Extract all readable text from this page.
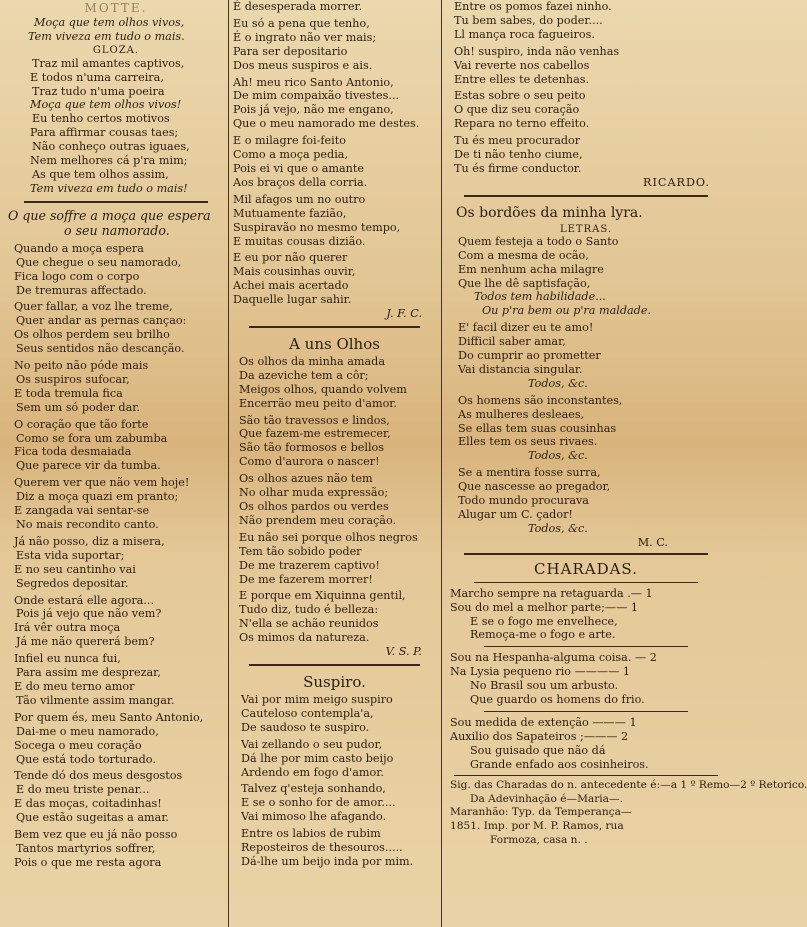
MOTTE.
Moça que tem olhos vivos,
Tem viveza em tudo o mais.
GLOZA.
Traz mil amantes captivos,
E todos n'uma carreira,
Traz tudo n'uma poeira
Moça que tem olhos vivos!
Eu tenho certos motivos
Para affirmar cousas taes;
Não conheço outras iguaes,
Nem melhores cá p'ra mim;
As que tem olhos assim,
Tem viveza em tudo o mais!
O que soffre a moça que espera
o seu namorado.
Quando a moça espera
Que chegue o seu namorado,
Fica logo com o corpo
De tremuras affectado.
Quer fallar, a voz lhe treme,
Quer andar as pernas cançao:
Os olhos perdem seu brilho
Seus sentidos não descanção.
No peito não póde mais
Os suspiros sufocar,
E toda tremula fica
Sem um só poder dar.
O coração que tão forte
Como se fora um zabumba
Fica toda desmaiada
Que parece vir da tumba.
Querem ver que não vem hoje!
Diz a moça quazi em pranto;
E zangada vai sentar-se
No mais recondito canto.
Já não posso, diz a misera,
Esta vida suportar;
E no seu cantinho vai
Segredos depositar.
Onde estará elle agora...
Pois já vejo que não vem?
Irá vêr outra moça
Já me não quererá bem?
Infiel eu nunca fui,
Para assim me desprezar,
E do meu terno amor
Tão vilmente assim mangar.
Por quem és, meu Santo Antonio,
Dai-me o meu namorado,
Socega o meu coração
Que está todo torturado.
Tende dó dos meus desgostos
E do meu triste penar...
E das moças, coitadinhas!
Que estão sugeitas a amar.
Bem vez que eu já não posso
Tantos martyrios soffrer,
Pois o que me resta agora
É desesperada morrer.
Eu só a pena que tenho,
É o ingrato não ver mais;
Para ser depositario
Dos meus suspiros e ais.
Ah! meu rico Santo Antonio,
De mim compaixão tivestes...
Pois já vejo, não me engano,
Que o meu namorado me destes.
E o milagre foi-feito
Como a moça pedia,
Pois ei vi que o amante
Aos braços della corria.
Mil afagos um no outro
Mutuamente fazião,
Suspiravão no mesmo tempo,
E muitas cousas dizião.
E eu por não querer
Mais cousinhas ouvir,
Achei mais acertado
Daquelle lugar sahir.
J. F. C.
A uns Olhos
Os olhos da minha amada
Da azeviche tem a côr;
Meigos olhos, quando volvem
Encerrão meu peito d'amor.
São tão travessos e lindos,
Que fazem-me estremecer,
São tão formosos e bellos
Como d'aurora o nascer!
Os olhos azues não tem
No olhar muda expressão;
Os olhos pardos ou verdes
Não prendem meu coração.
Eu não sei porque olhos negros
Tem tão sobido poder
De me trazerem captivo!
De me fazerem morrer!
E porque em Xiquinna gentil,
Tudo diz, tudo é belleza:
N'ella se achão reunidos
Os mimos da natureza.
V. S. P.
Suspiro.
Vai por mim meigo suspiro
Cauteloso contempla'a,
De saudoso te suspiro.
Vai zellando o seu pudor,
Dá lhe por mim casto beijo
Ardendo em fogo d'amor.
Talvez q'esteja sonhando,
E se o sonho for de amor....
Vai mimoso lhe afagando.
Entre os labios de rubim
Reposteiros de thesouros.....
Dá-lhe um beijo inda por mim.
Entre os pomos fazei ninho.
Tu bem sabes, do poder....
Ll mança roca fagueiros.
Oh! suspiro, inda não venhas
Vai reverte nos cabellos
Entre elles te detenhas.
Estas sobre o seu peito
O que diz seu coração
Repara no terno effeito.
Tu és meu procurador
De ti não tenho ciume,
Tu és firme conductor.
RICARDO.
Os bordões da minha lyra.
LETRAS.
Quem festeja a todo o Santo
Com a mesma de ocão,
Em nenhum acha milagre
Que lhe dê saptisfação,
Todos tem habilidade...
Ou p'ra bem ou p'ra maldade.
E' facil dizer eu te amo!
Difficil saber amar,
Do cumprir ao prometter
Vai distancia singular.
Todos, &c.
Os homens são inconstantes,
As mulheres desleaes,
Se ellas tem suas cousinhas
Elles tem os seus rivaes.
Todos, &c.
Se a mentira fosse surra,
Que nascesse ao pregador,
Todo mundo procurava
Alugar um C. çador!
Todos, &c.
M. C.
CHARADAS.
Marcho sempre na retaguarda .— 1
Sou do mel a melhor parte;—— 1
E se o fogo me envelhece,
Remoça-me o fogo e arte.
Sou na Hespanha-alguma coisa. — 2
Na Lysia pequeno rio ———— 1
No Brasil sou um arbusto.
Que guardo os homens do frio.
Sou medida de extenção ——— 1
Auxilio dos Sapateiros ;——— 2
Sou guisado que não dá
Grande enfado aos cosinheiros.
Sig. das Charadas do n. antecedente é:—a 1 º Remo—2 º Retorico.
Da Adevinhação é—Maria—.
Maranhão: Typ. da Temperança—
1851. Imp. por M. P. Ramos, rua
Formoza, casa n. .
